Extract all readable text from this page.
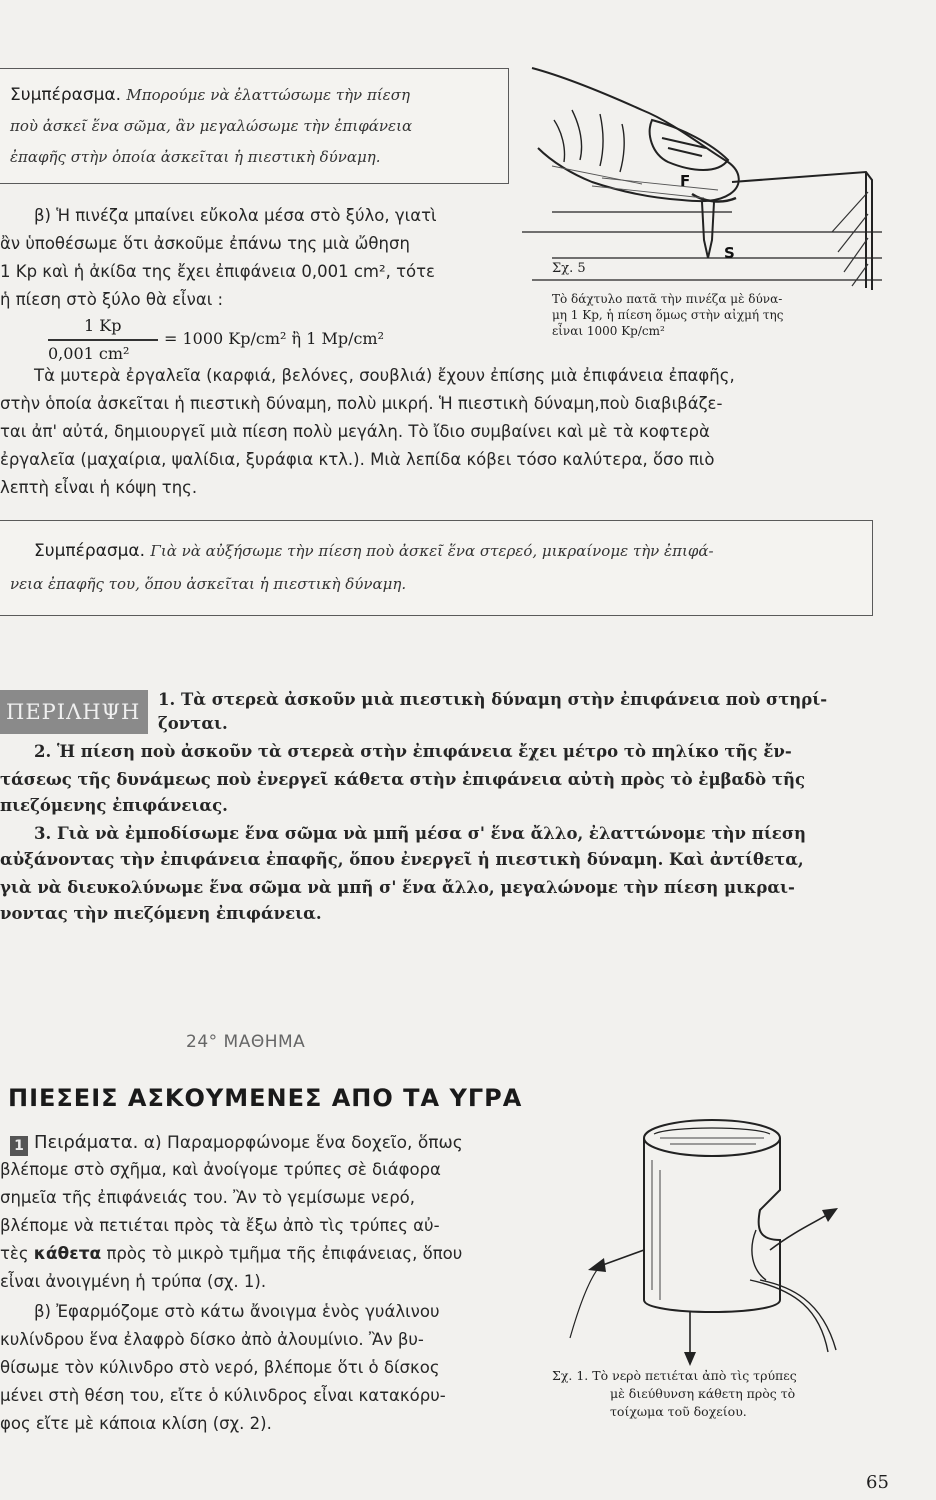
Συμπέρασμα. Μπορούμε νὰ ἐλαττώσωμε τὴν πίεση
ποὺ ἀσκεῖ ἕνα σῶμα, ἂν μεγαλώσωμε τὴν ἐπιφάνεια
ἐπαφῆς στὴν ὁποία ἀσκεῖται ἡ πιεστικὴ δύναμη.
β) Ἡ πινέζα μπαίνει εὔκολα μέσα στὸ ξύλο, γιατὶ
ἂν ὑποθέσωμε ὅτι ἀσκοῦμε ἐπάνω της μιὰ ὤθηση
1 Kp καὶ ἡ ἀκίδα της ἔχει ἐπιφάνεια 0,001 cm², τότε
ἡ πίεση στὸ ξύλο θὰ εἶναι :
1 Kp
0,001 cm²
= 1000 Kp/cm² ἢ 1 Mp/cm²
F
S
Σχ. 5
Τὸ δάχτυλο πατᾶ τὴν πινέζα μὲ δύνα-
μη 1 Kp, ἡ πίεση ὅμως στὴν αἰχμή της
εἶναι 1000 Kp/cm²
Τὰ μυτερὰ ἐργαλεῖα (καρφιά, βελόνες, σουβλιά) ἔχουν ἐπίσης μιὰ ἐπιφάνεια ἐπαφῆς,
στὴν ὁποία ἀσκεῖται ἡ πιεστικὴ δύναμη, πολὺ μικρή. Ἡ πιεστικὴ δύναμη,ποὺ διαβιβάζε-
ται ἀπ' αὐτά, δημιουργεῖ μιὰ πίεση πολὺ μεγάλη. Τὸ ἴδιο συμβαίνει καὶ μὲ τὰ κοφτερὰ
ἐργαλεῖα (μαχαίρια, ψαλίδια, ξυράφια κτλ.). Μιὰ λεπίδα κόβει τόσο καλύτερα, ὅσο πιὸ
λεπτὴ εἶναι ἡ κόψη της.
Συμπέρασμα. Γιὰ νὰ αὐξήσωμε τὴν πίεση ποὺ ἀσκεῖ ἕνα στερεό, μικραίνομε τὴν ἐπιφά-
νεια ἐπαφῆς του, ὅπου ἀσκεῖται ἡ πιεστικὴ δύναμη.
ΠΕΡΙΛΗΨΗ
1. Τὰ στερεὰ ἀσκοῦν μιὰ πιεστικὴ δύναμη στὴν ἐπιφάνεια ποὺ στηρί-
ζονται.
2. Ἡ πίεση ποὺ ἀσκοῦν τὰ στερεὰ στὴν ἐπιφάνεια ἔχει μέτρο τὸ πηλίκο τῆς ἔν-
τάσεως τῆς δυνάμεως ποὺ ἐνεργεῖ κάθετα στὴν ἐπιφάνεια αὐτὴ πρὸς τὸ ἐμβαδὸ τῆς
πιεζόμενης ἐπιφάνειας.
3. Γιὰ νὰ ἐμποδίσωμε ἕνα σῶμα νὰ μπῆ μέσα σ' ἕνα ἄλλο, ἐλαττώνομε τὴν πίεση
αὐξάνοντας τὴν ἐπιφάνεια ἐπαφῆς, ὅπου ἐνεργεῖ ἡ πιεστικὴ δύναμη. Καὶ ἀντίθετα,
γιὰ νὰ διευκολύνωμε ἕνα σῶμα νὰ μπῆ σ' ἕνα ἄλλο, μεγαλώνομε τὴν πίεση μικραι-
νοντας τὴν πιεζόμενη ἐπιφάνεια.
24° ΜΑΘΗΜΑ
ΠΙΕΣΕΙΣ ΑΣΚΟΥΜΕΝΕΣ ΑΠΟ ΤΑ ΥΓΡΑ
1 Πειράματα. α) Παραμορφώνομε ἕνα δοχεῖο, ὅπως
βλέπομε στὸ σχῆμα, καὶ ἀνοίγομε τρύπες σὲ διάφορα
σημεῖα τῆς ἐπιφάνειάς του. Ἂν τὸ γεμίσωμε νερό,
βλέπομε νὰ πετιέται πρὸς τὰ ἔξω ἀπὸ τὶς τρύπες αὐ-
τὲς κάθετα πρὸς τὸ μικρὸ τμῆμα τῆς ἐπιφάνειας, ὅπου
εἶναι ἀνοιγμένη ἡ τρύπα (σχ. 1).
β) Ἐφαρμόζομε στὸ κάτω ἄνοιγμα ἑνὸς γυάλινου
κυλίνδρου ἕνα ἐλαφρὸ δίσκο ἀπὸ ἀλουμίνιο. Ἂν βυ-
θίσωμε τὸν κύλινδρο στὸ νερό, βλέπομε ὅτι ὁ δίσκος
μένει στὴ θέση του, εἴτε ὁ κύλινδρος εἶναι κατακόρυ-
φος εἴτε μὲ κάποια κλίση (σχ. 2).
Σχ. 1. Τὸ νερὸ πετιέται ἀπὸ τὶς τρύπες
μὲ διεύθυνση κάθετη πρὸς τὸ
τοίχωμα τοῦ δοχείου.
65
